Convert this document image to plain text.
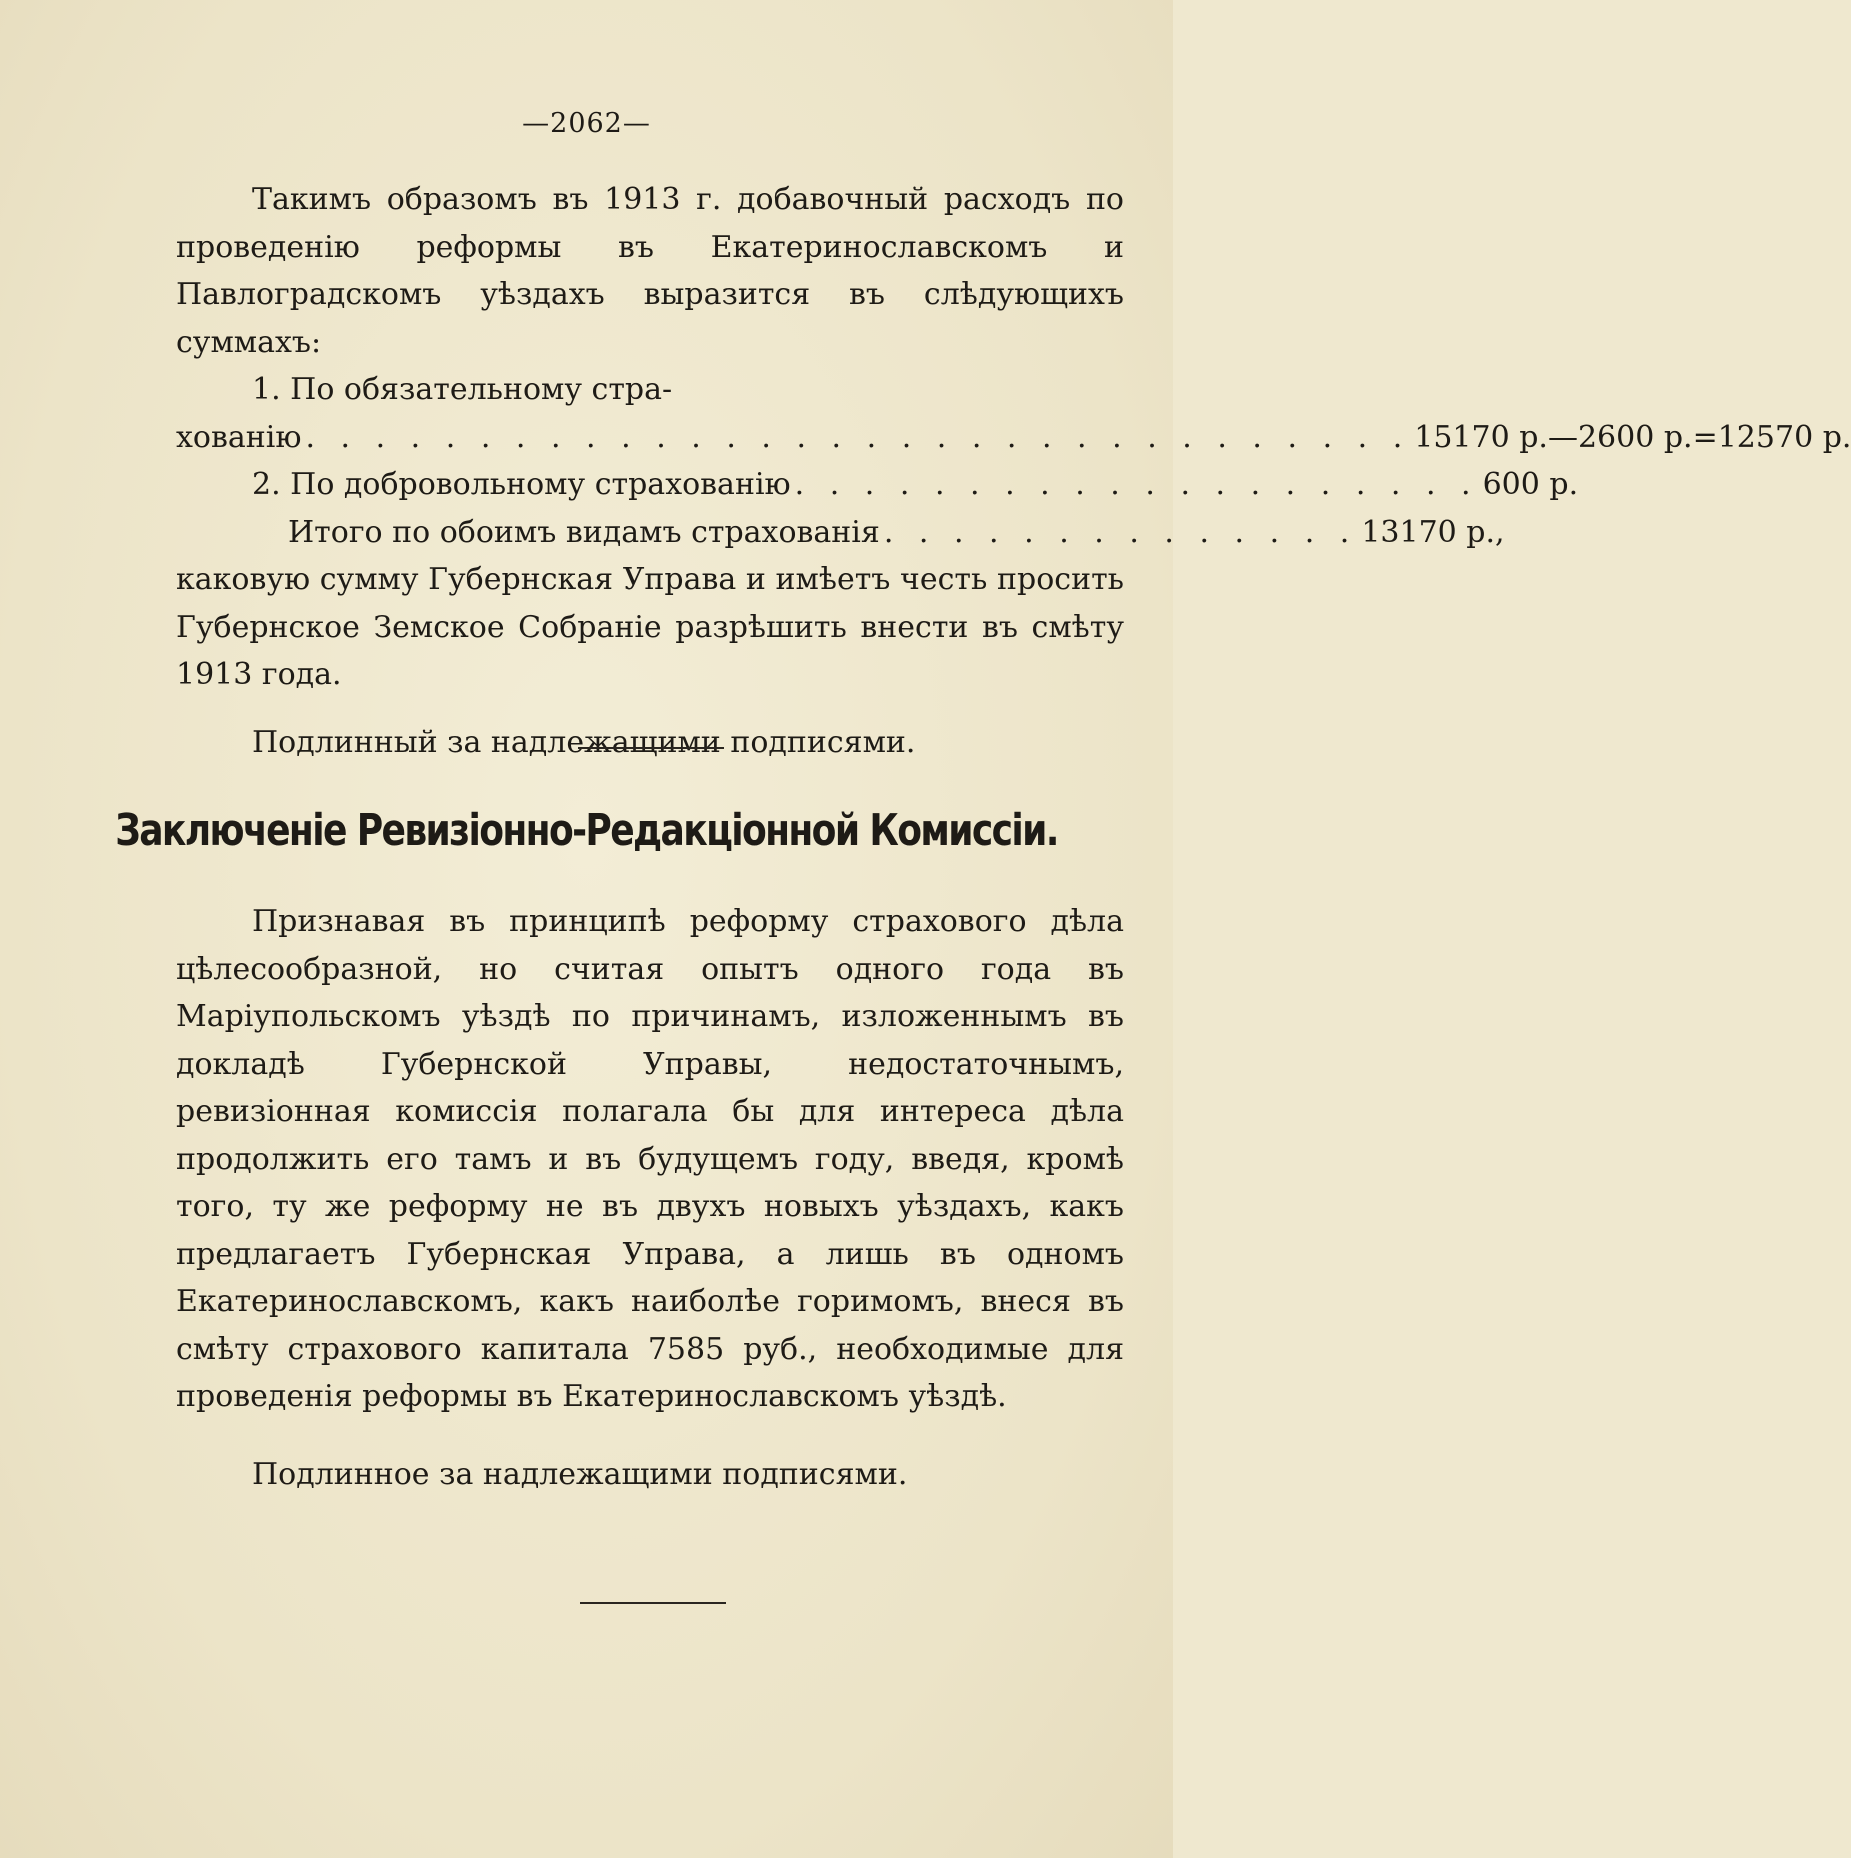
—2062—

Такимъ образомъ въ 1913 г. добавочный расходъ по проведенію реформы въ Екатеринославскомъ и Павлоградскомъ уѣздахъ выразится въ слѣдующихъ суммахъ:

1. По обязательному стра-
хованію . . . . . . . . . . . . . . . . . . . . . . . . . . . . . . . . 15170 р.—2600 р.=12570 р.
2. По добровольному страхованію . . . . . . . . . . . . . . . . . . . . 600 р.
Итого по обоимъ видамъ страхованія . . . . . . . . . . . . . . 13170 р.,

каковую сумму Губернская Управа и имѣетъ честь просить Губернское Земское Собраніе разрѣшить внести въ смѣту 1913 года.

Подлинный за надлежащими подписями.

Заключеніе Ревизіонно-Редакціонной Комиссіи.

Признавая въ принципѣ реформу страхового дѣла цѣлесообразной, но считая опытъ одного года въ Маріупольскомъ уѣздѣ по причинамъ, изложеннымъ въ докладѣ Губернской Управы, недостаточнымъ, ревизіонная комиссія полагала бы для интереса дѣла продолжить его тамъ и въ будущемъ году, введя, кромѣ того, ту же реформу не въ двухъ новыхъ уѣздахъ, какъ предлагаетъ Губернская Управа, а лишь въ одномъ Екатеринославскомъ, какъ наиболѣе горимомъ, внеся въ смѣту страхового капитала 7585 руб., необходимые для проведенія реформы въ Екатеринославскомъ уѣздѣ.

Подлинное за надлежащими подписями.
